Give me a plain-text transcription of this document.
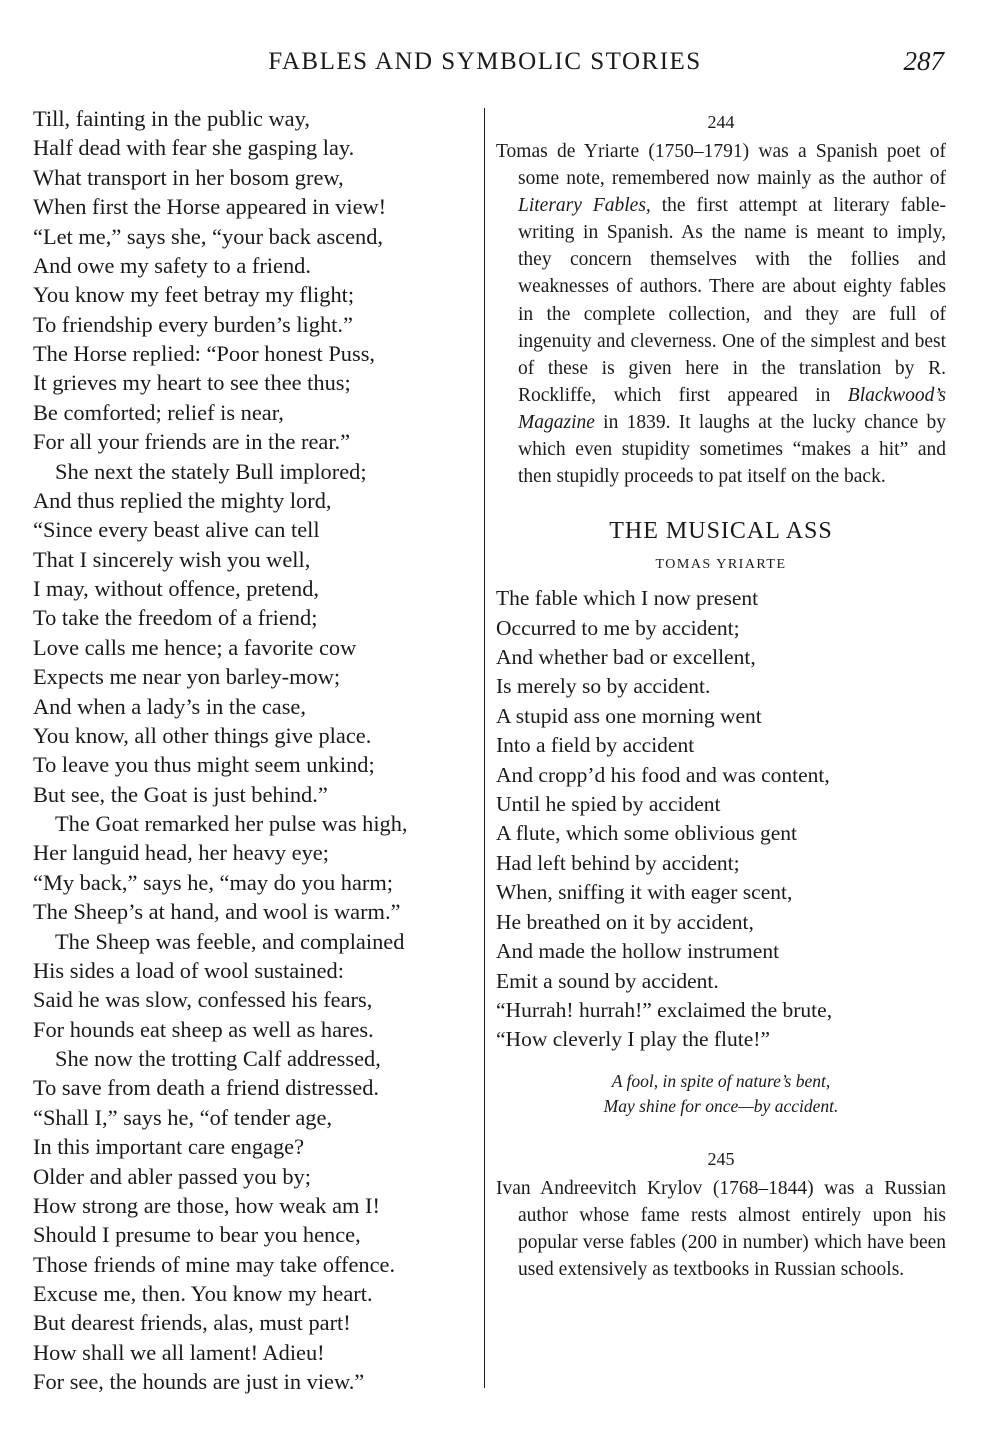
FABLES AND SYMBOLIC STORIES	287
Till, fainting in the public way,
Half dead with fear she gasping lay.
What transport in her bosom grew,
When first the Horse appeared in view!
“Let me,” says she, “your back ascend,
And owe my safety to a friend.
You know my feet betray my flight;
To friendship every burden’s light.”
The Horse replied: “Poor honest Puss,
It grieves my heart to see thee thus;
Be comforted; relief is near,
For all your friends are in the rear.”
She next the stately Bull implored;
And thus replied the mighty lord,
“Since every beast alive can tell
That I sincerely wish you well,
I may, without offence, pretend,
To take the freedom of a friend;
Love calls me hence; a favorite cow
Expects me near yon barley-mow;
And when a lady’s in the case,
You know, all other things give place.
To leave you thus might seem unkind;
But see, the Goat is just behind.”
The Goat remarked her pulse was high,
Her languid head, her heavy eye;
“My back,” says he, “may do you harm;
The Sheep’s at hand, and wool is warm.”
The Sheep was feeble, and complained
His sides a load of wool sustained:
Said he was slow, confessed his fears,
For hounds eat sheep as well as hares.
She now the trotting Calf addressed,
To save from death a friend distressed.
“Shall I,” says he, “of tender age,
In this important care engage?
Older and abler passed you by;
How strong are those, how weak am I!
Should I presume to bear you hence,
Those friends of mine may take offence.
Excuse me, then. You know my heart.
But dearest friends, alas, must part!
How shall we all lament! Adieu!
For see, the hounds are just in view.”
244
Tomas de Yriarte (1750–1791) was a Spanish poet of some note, remembered now mainly as the author of Literary Fables, the first attempt at literary fable-writing in Spanish. As the name is meant to imply, they concern themselves with the follies and weaknesses of authors. There are about eighty fables in the complete collection, and they are full of ingenuity and cleverness. One of the simplest and best of these is given here in the translation by R. Rockliffe, which first appeared in Blackwood’s Magazine in 1839. It laughs at the lucky chance by which even stupidity sometimes “makes a hit” and then stupidly proceeds to pat itself on the back.
THE MUSICAL ASS
TOMAS YRIARTE
The fable which I now present
Occurred to me by accident;
And whether bad or excellent,
Is merely so by accident.
A stupid ass one morning went
Into a field by accident
And cropp’d his food and was content,
Until he spied by accident
A flute, which some oblivious gent
Had left behind by accident;
When, sniffing it with eager scent,
He breathed on it by accident,
And made the hollow instrument
Emit a sound by accident.
“Hurrah! hurrah!” exclaimed the brute,
“How cleverly I play the flute!”
A fool, in spite of nature’s bent,
May shine for once—by accident.
245
Ivan Andreevitch Krylov (1768–1844) was a Russian author whose fame rests almost entirely upon his popular verse fables (200 in number) which have been used extensively as textbooks in Russian schools.
